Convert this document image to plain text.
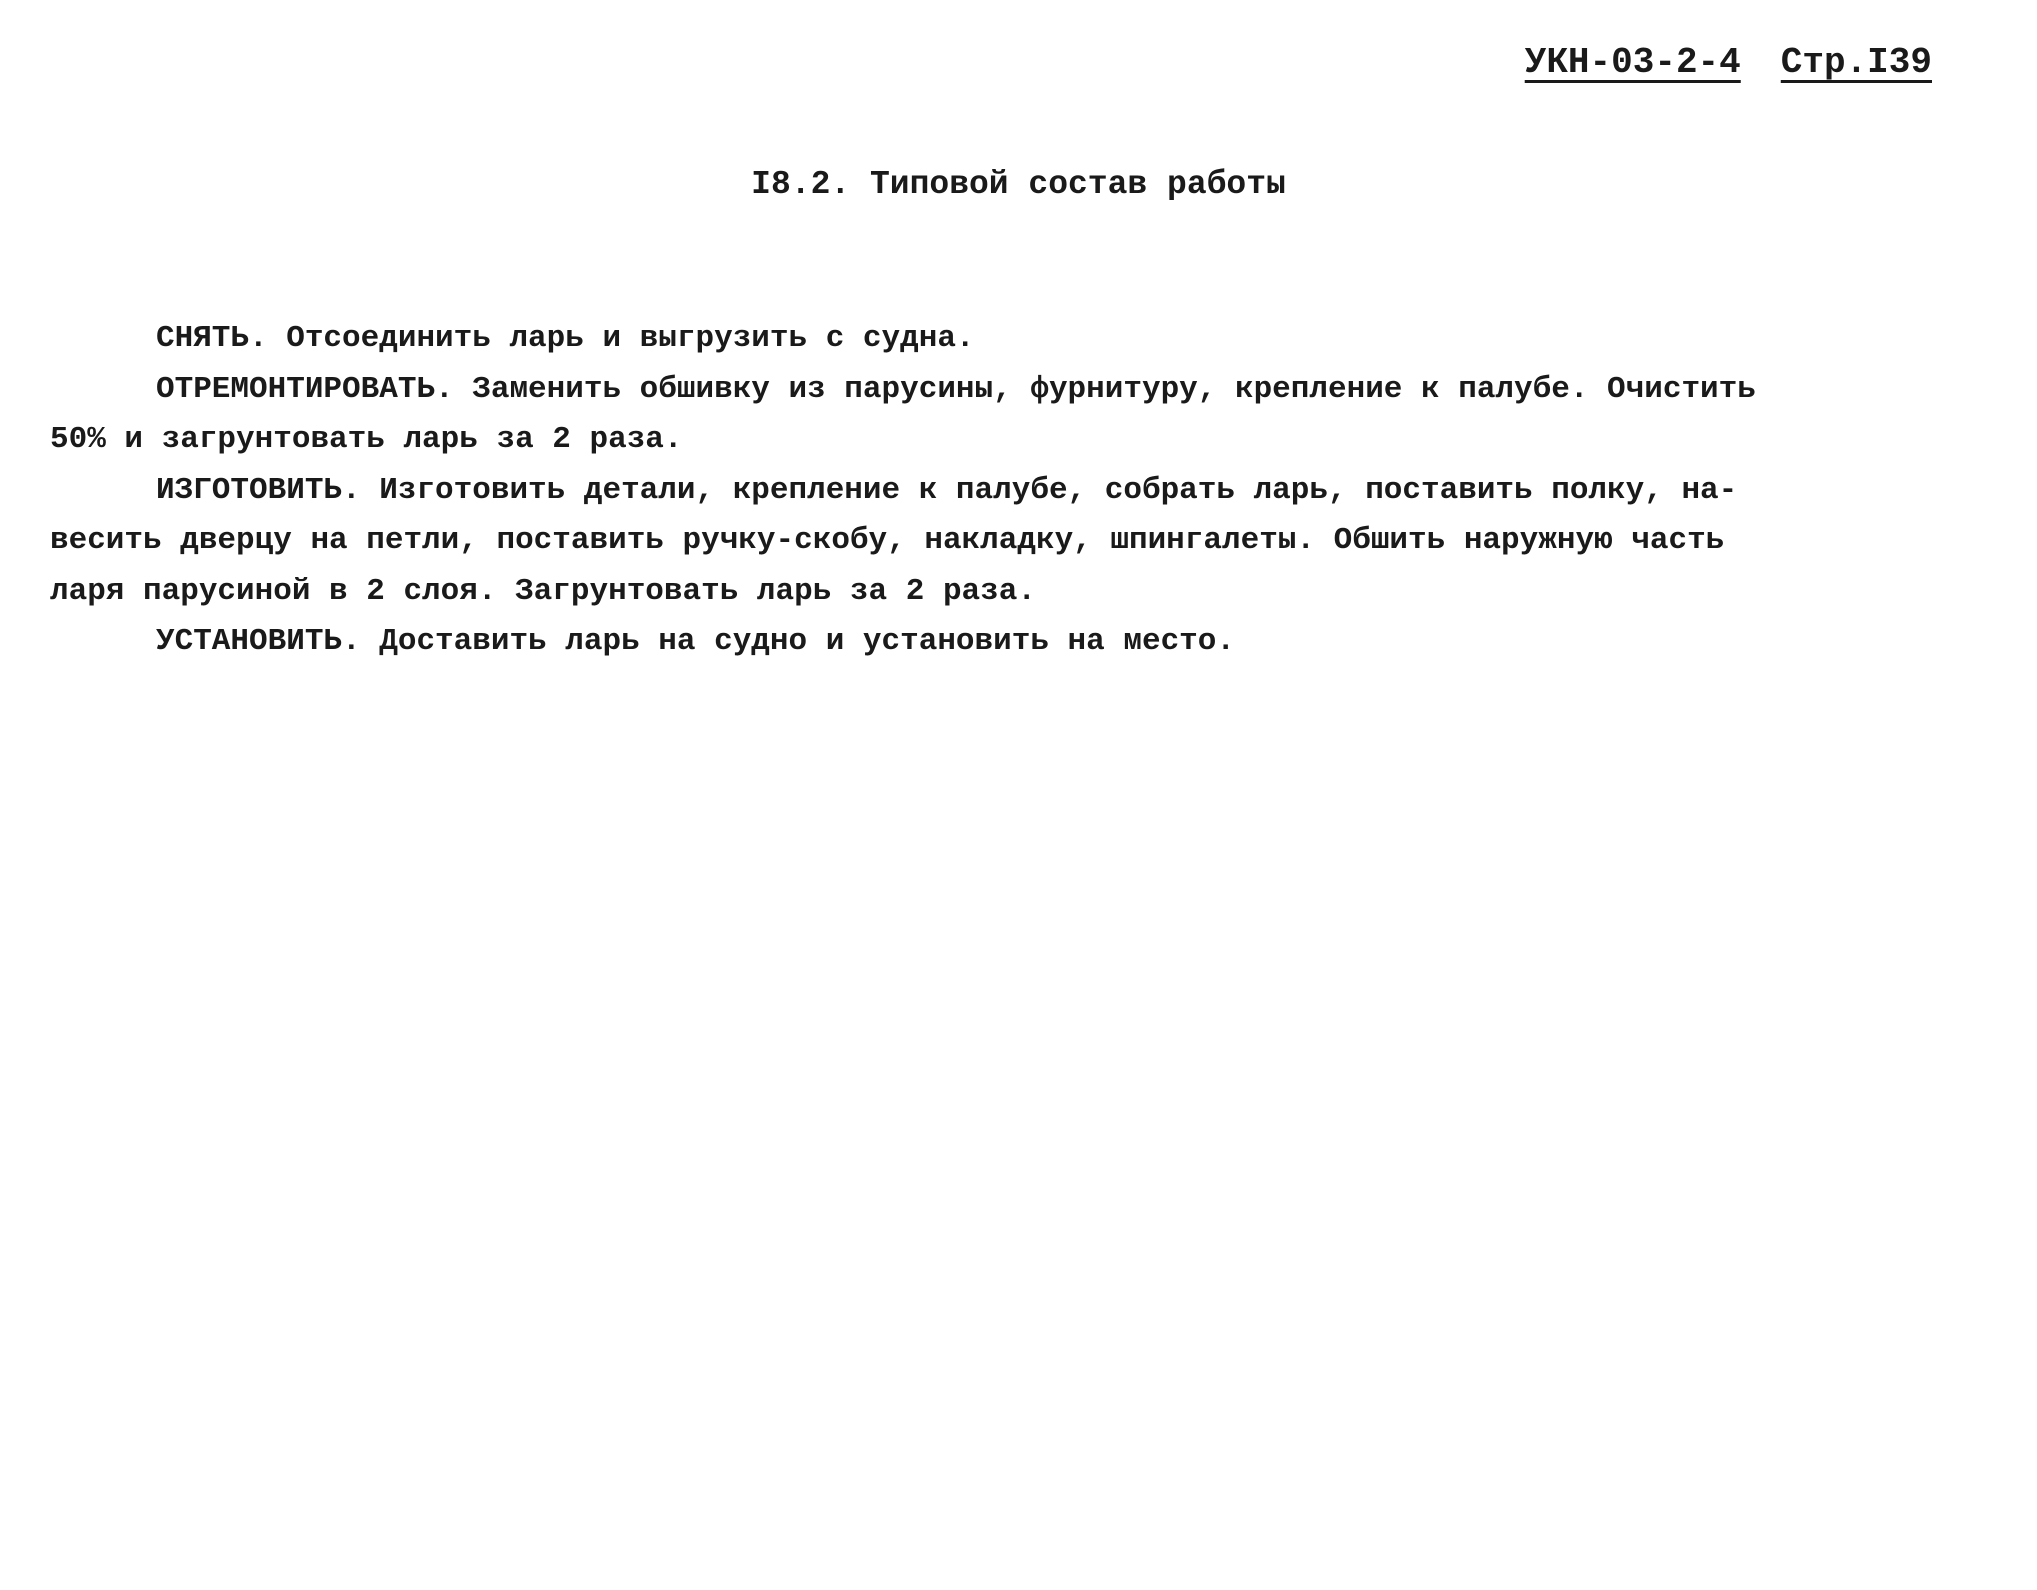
УКН-03-2-4 Стр.I39
I8.2. Типовой состав работы
СНЯТЬ. Отсоединить ларь и выгрузить с судна.
ОТРЕМОНТИРОВАТЬ. Заменить обшивку из парусины, фурнитуру, крепление к палубе. Очистить
50% и загрунтовать ларь за 2 раза.
ИЗГОТОВИТЬ. Изготовить детали, крепление к палубе, собрать ларь, поставить полку, на-
весить дверцу на петли, поставить ручку-скобу, накладку, шпингалеты. Обшить наружную часть
ларя парусиной в 2 слоя. Загрунтовать ларь за 2 раза.
УСТАНОВИТЬ. Доставить ларь на судно и установить на место.
